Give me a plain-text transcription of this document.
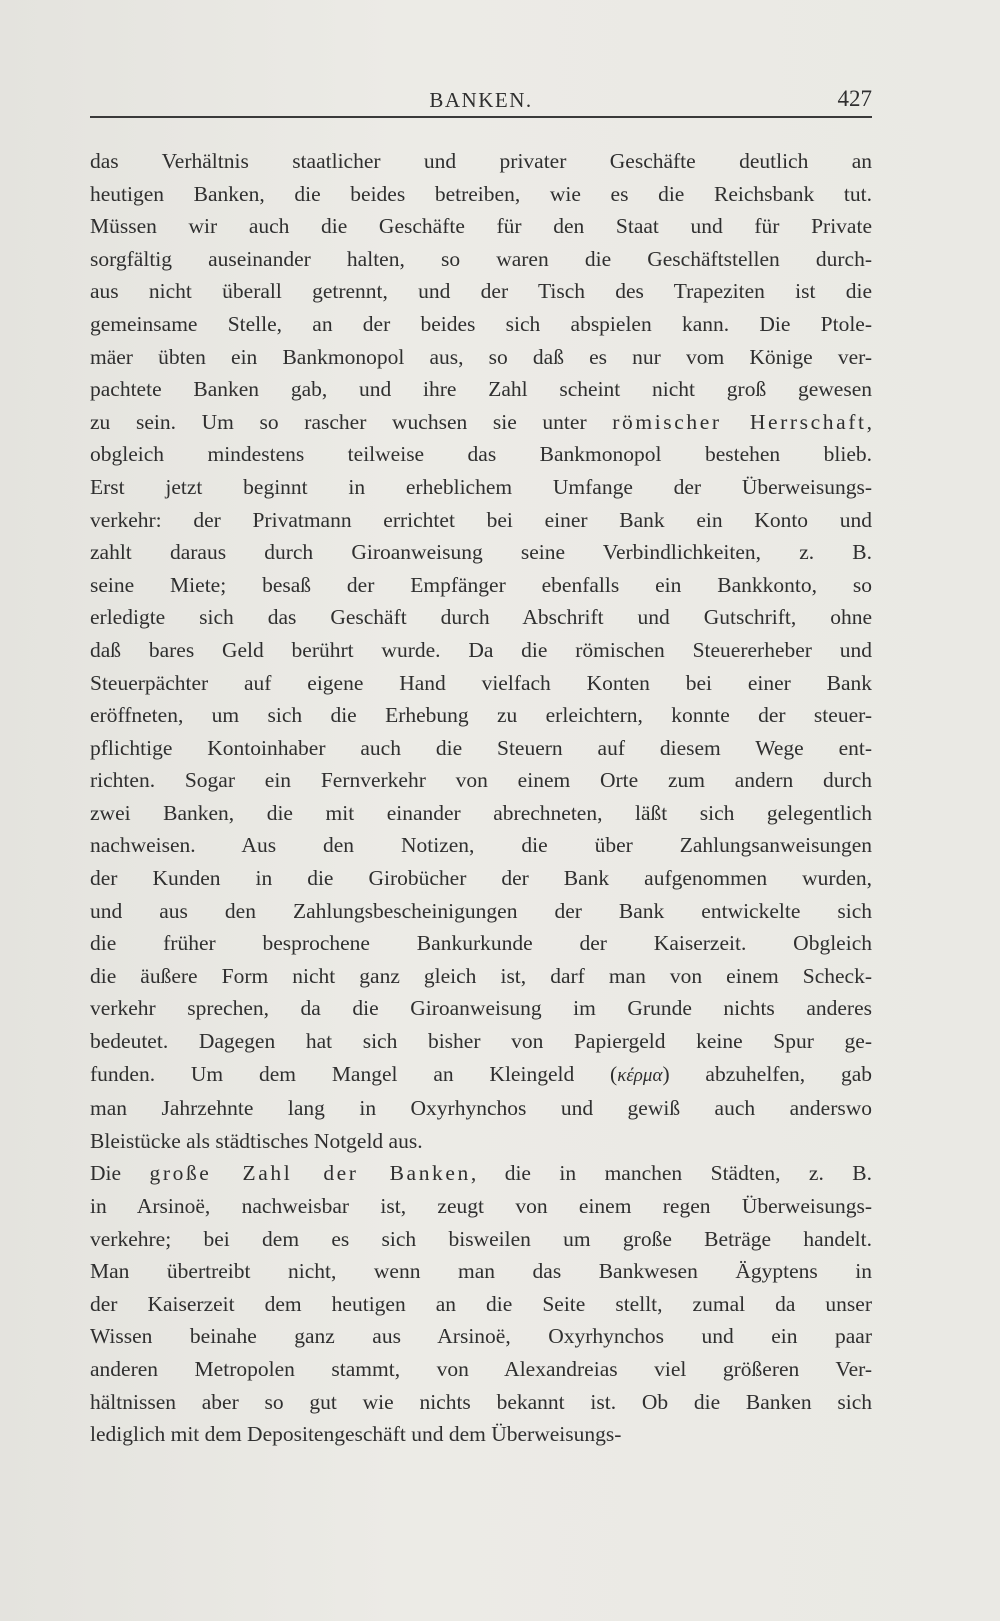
BANKEN.	427
das Verhältnis staatlicher und privater Geschäfte deutlich an
heutigen Banken, die beides betreiben, wie es die Reichsbank tut.
Müssen wir auch die Geschäfte für den Staat und für Private
sorgfältig auseinander halten, so waren die Geschäftstellen durch-
aus nicht überall getrennt, und der Tisch des Trapeziten ist die
gemeinsame Stelle, an der beides sich abspielen kann. Die Ptole-
mäer übten ein Bankmonopol aus, so daß es nur vom Könige ver-
pachtete Banken gab, und ihre Zahl scheint nicht groß gewesen
zu sein. Um so rascher wuchsen sie unter römischer Herrschaft,
obgleich mindestens teilweise das Bankmonopol bestehen blieb.
Erst jetzt beginnt in erheblichem Umfange der Überweisungs-
verkehr: der Privatmann errichtet bei einer Bank ein Konto und
zahlt daraus durch Giroanweisung seine Verbindlichkeiten, z. B.
seine Miete; besaß der Empfänger ebenfalls ein Bankkonto, so
erledigte sich das Geschäft durch Abschrift und Gutschrift, ohne
daß bares Geld berührt wurde. Da die römischen Steuererheber und
Steuerpächter auf eigene Hand vielfach Konten bei einer Bank
eröffneten, um sich die Erhebung zu erleichtern, konnte der steuer-
pflichtige Kontoinhaber auch die Steuern auf diesem Wege ent-
richten. Sogar ein Fernverkehr von einem Orte zum andern durch
zwei Banken, die mit einander abrechneten, läßt sich gelegentlich
nachweisen. Aus den Notizen, die über Zahlungsanweisungen
der Kunden in die Girobücher der Bank aufgenommen wurden,
und aus den Zahlungsbescheinigungen der Bank entwickelte sich
die früher besprochene Bankurkunde der Kaiserzeit. Obgleich
die äußere Form nicht ganz gleich ist, darf man von einem Scheck-
verkehr sprechen, da die Giroanweisung im Grunde nichts anderes
bedeutet. Dagegen hat sich bisher von Papiergeld keine Spur ge-
funden. Um dem Mangel an Kleingeld (κέρμα) abzuhelfen, gab
man Jahrzehnte lang in Oxyrhynchos und gewiß auch anderswo
Bleistücke als städtisches Notgeld aus.
Die große Zahl der Banken, die in manchen Städten, z. B.
in Arsinoë, nachweisbar ist, zeugt von einem regen Überweisungs-
verkehre; bei dem es sich bisweilen um große Beträge handelt.
Man übertreibt nicht, wenn man das Bankwesen Ägyptens in
der Kaiserzeit dem heutigen an die Seite stellt, zumal da unser
Wissen beinahe ganz aus Arsinoë, Oxyrhynchos und ein paar
anderen Metropolen stammt, von Alexandreias viel größeren Ver-
hältnissen aber so gut wie nichts bekannt ist. Ob die Banken sich
lediglich mit dem Depositengeschäft und dem Überweisungs-
